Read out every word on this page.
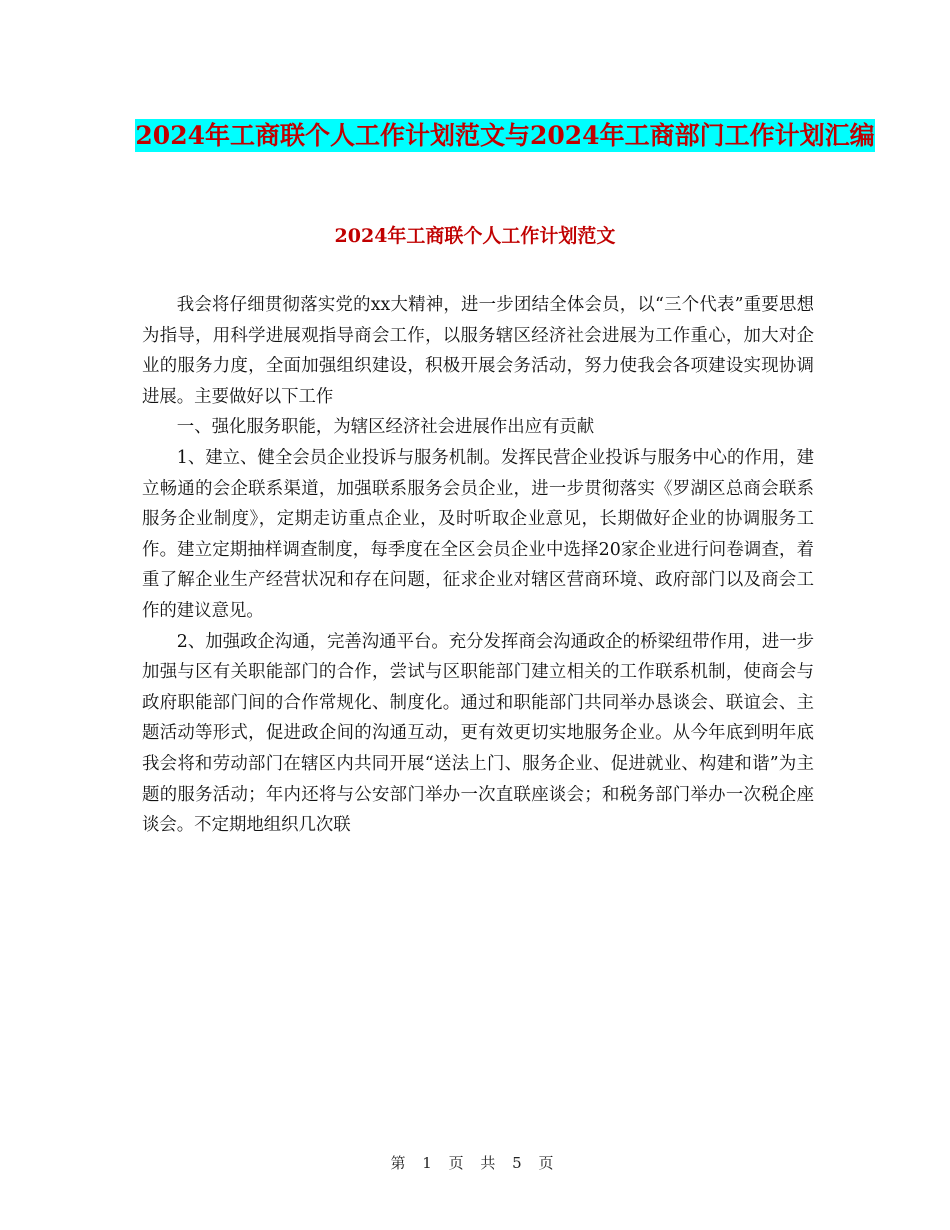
2024年工商联个人工作计划范文与2024年工商部门工作计划汇编
2024年工商联个人工作计划范文

我会将仔细贯彻落实党的xx大精神，进一步团结全体会员，以“三个代表”重要思想为指导，用科学进展观指导商会工作，以服务辖区经济社会进展为工作重心，加大对企业的服务力度，全面加强组织建设，积极开展会务活动，努力使我会各项建设实现协调进展。主要做好以下工作

一、强化服务职能，为辖区经济社会进展作出应有贡献

1、建立、健全会员企业投诉与服务机制。发挥民营企业投诉与服务中心的作用，建立畅通的会企联系渠道，加强联系服务会员企业，进一步贯彻落实《罗湖区总商会联系服务企业制度》，定期走访重点企业，及时听取企业意见，长期做好企业的协调服务工作。建立定期抽样调查制度，每季度在全区会员企业中选择20家企业进行问卷调查，着重了解企业生产经营状况和存在问题，征求企业对辖区营商环境、政府部门以及商会工作的建议意见。

2、加强政企沟通，完善沟通平台。充分发挥商会沟通政企的桥梁纽带作用，进一步加强与区有关职能部门的合作，尝试与区职能部门建立相关的工作联系机制，使商会与政府职能部门间的合作常规化、制度化。通过和职能部门共同举办恳谈会、联谊会、主题活动等形式，促进政企间的沟通互动，更有效更切实地服务企业。从今年底到明年底我会将和劳动部门在辖区内共同开展“送法上门、服务企业、促进就业、构建和谐”为主题的服务活动；年内还将与公安部门举办一次直联座谈会；和税务部门举办一次税企座谈会。不定期地组织几次联

第 1 页 共 5 页
